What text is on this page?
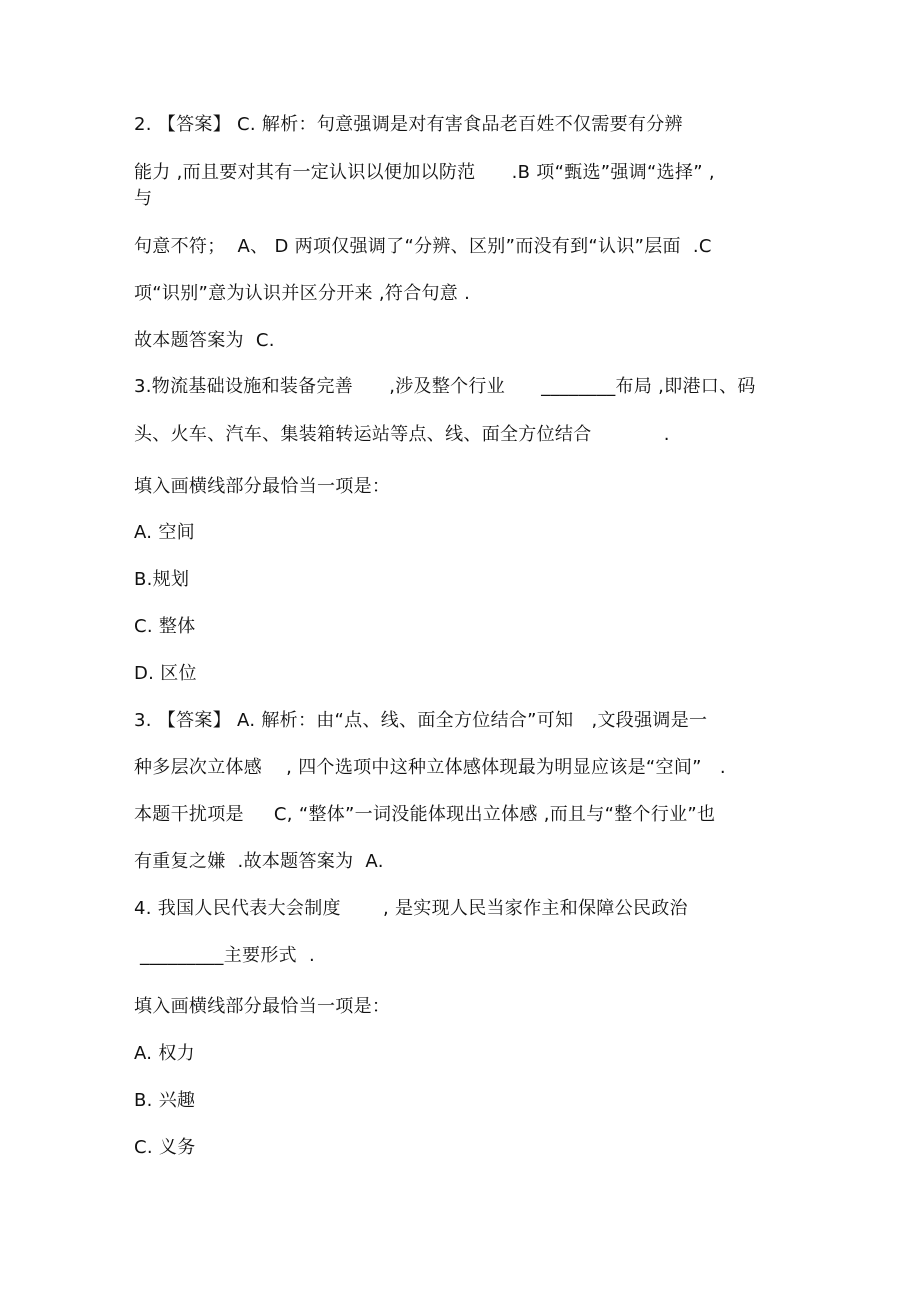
2. 【答案】 C. 解析：句意强调是对有害食品老百姓不仅需要有分辨
能力 ,而且要对其有一定认识以便加以防范      .B 项“甄选”强调“选择” ,
与
句意不符；  A、 D 两项仅强调了“分辨、区别”而没有到“认识”层面  .C
项“识别”意为认识并区分开来 ,符合句意 .
故本题答案为  C.
3.物流基础设施和装备完善      ,涉及整个行业      ________布局 ,即港口、码
头、火车、汽车、集装箱转运站等点、线、面全方位结合            .
填入画横线部分最恰当一项是：
A. 空间
B.规划
C. 整体
D. 区位
3. 【答案】 A. 解析：由“点、线、面全方位结合”可知   ,文段强调是一
种多层次立体感    , 四个选项中这种立体感体现最为明显应该是“空间”   .
本题干扰项是     C, “整体”一词没能体现出立体感 ,而且与“整个行业”也
有重复之嫌  .故本题答案为  A.
4. 我国人民代表大会制度       , 是实现人民当家作主和保障公民政治
_________主要形式  .
填入画横线部分最恰当一项是：
A. 权力
B. 兴趣
C. 义务
